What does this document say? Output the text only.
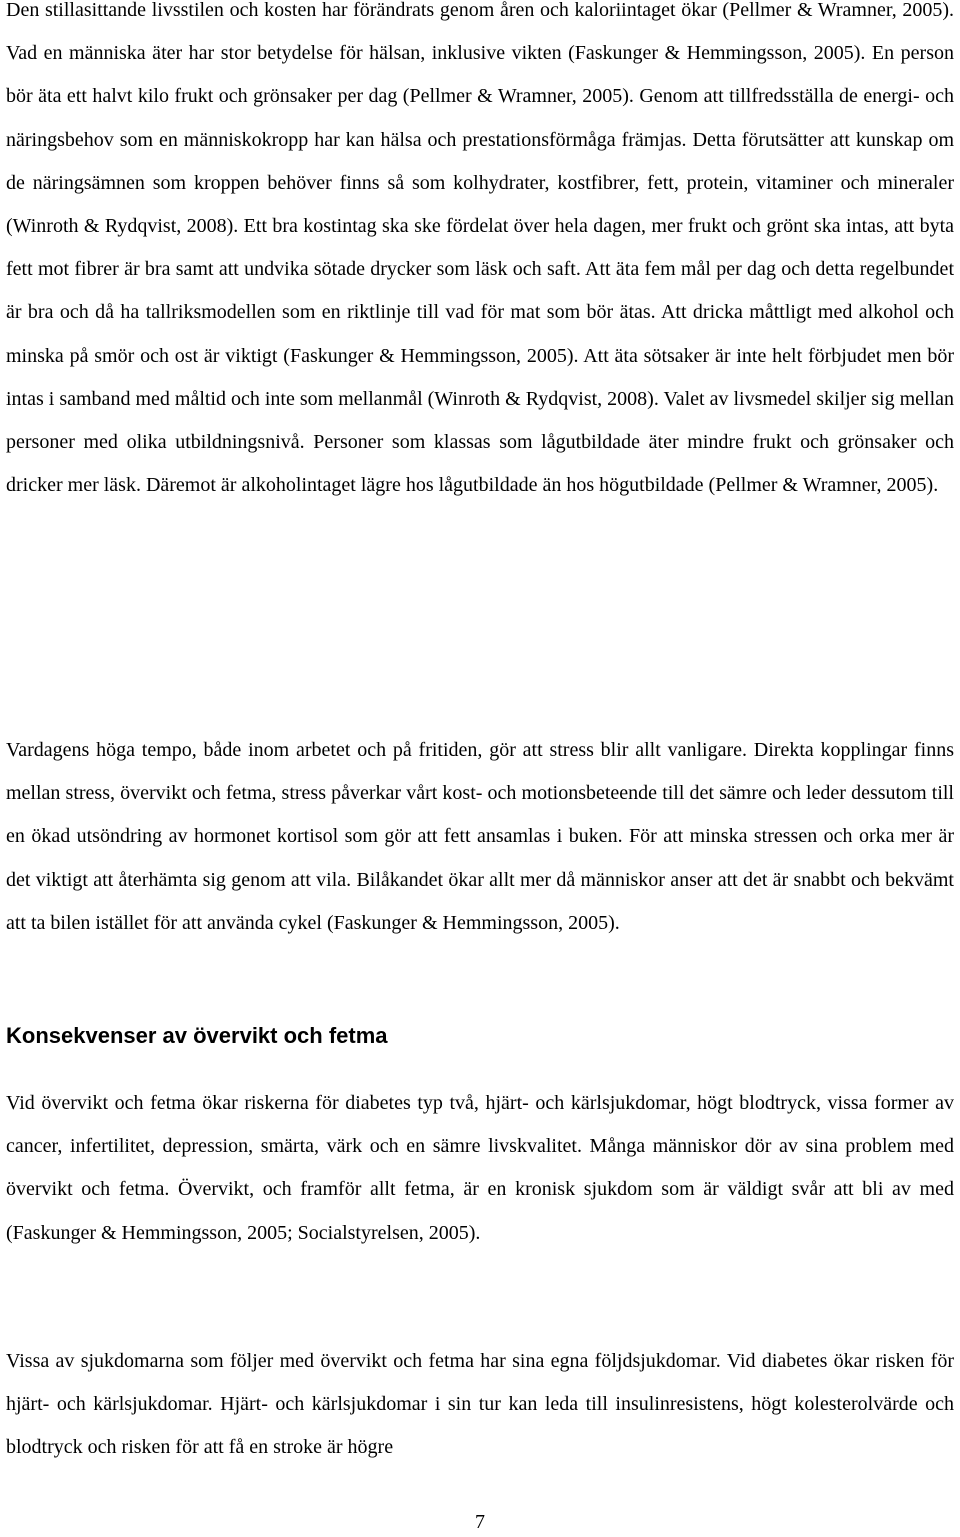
Den stillasittande livsstilen och kosten har förändrats genom åren och kaloriintaget ökar (Pellmer & Wramner, 2005). Vad en människa äter har stor betydelse för hälsan, inklusive vikten (Faskunger & Hemmingsson, 2005). En person bör äta ett halvt kilo frukt och grönsaker per dag (Pellmer & Wramner, 2005). Genom att tillfredsställa de energi- och näringsbehov som en människokropp har kan hälsa och prestationsförmåga främjas. Detta förutsätter att kunskap om de näringsämnen som kroppen behöver finns så som kolhydrater, kostfibrer, fett, protein, vitaminer och mineraler (Winroth & Rydqvist, 2008). Ett bra kostintag ska ske fördelat över hela dagen, mer frukt och grönt ska intas, att byta fett mot fibrer är bra samt att undvika sötade drycker som läsk och saft. Att äta fem mål per dag och detta regelbundet är bra och då ha tallriksmodellen som en riktlinje till vad för mat som bör ätas. Att dricka måttligt med alkohol och minska på smör och ost är viktigt (Faskunger & Hemmingsson, 2005). Att äta sötsaker är inte helt förbjudet men bör intas i samband med måltid och inte som mellanmål (Winroth & Rydqvist, 2008). Valet av livsmedel skiljer sig mellan personer med olika utbildningsnivå. Personer som klassas som lågutbildade äter mindre frukt och grönsaker och dricker mer läsk. Däremot är alkoholintaget lägre hos lågutbildade än hos högutbildade (Pellmer & Wramner, 2005).

Vardagens höga tempo, både inom arbetet och på fritiden, gör att stress blir allt vanligare. Direkta kopplingar finns mellan stress, övervikt och fetma, stress påverkar vårt kost- och motionsbeteende till det sämre och leder dessutom till en ökad utsöndring av hormonet kortisol som gör att fett ansamlas i buken. För att minska stressen och orka mer är det viktigt att återhämta sig genom att vila. Bilåkandet ökar allt mer då människor anser att det är snabbt och bekvämt att ta bilen istället för att använda cykel (Faskunger & Hemmingsson, 2005).

Konsekvenser av övervikt och fetma

Vid övervikt och fetma ökar riskerna för diabetes typ två, hjärt- och kärlsjukdomar, högt blodtryck, vissa former av cancer, infertilitet, depression, smärta, värk och en sämre livskvalitet. Många människor dör av sina problem med övervikt och fetma. Övervikt, och framför allt fetma, är en kronisk sjukdom som är väldigt svår att bli av med (Faskunger & Hemmingsson, 2005; Socialstyrelsen, 2005).

Vissa av sjukdomarna som följer med övervikt och fetma har sina egna följdsjukdomar. Vid diabetes ökar risken för hjärt- och kärlsjukdomar. Hjärt- och kärlsjukdomar i sin tur kan leda till insulinresistens, högt kolesterolvärde och blodtryck och risken för att få en stroke är högre

7
